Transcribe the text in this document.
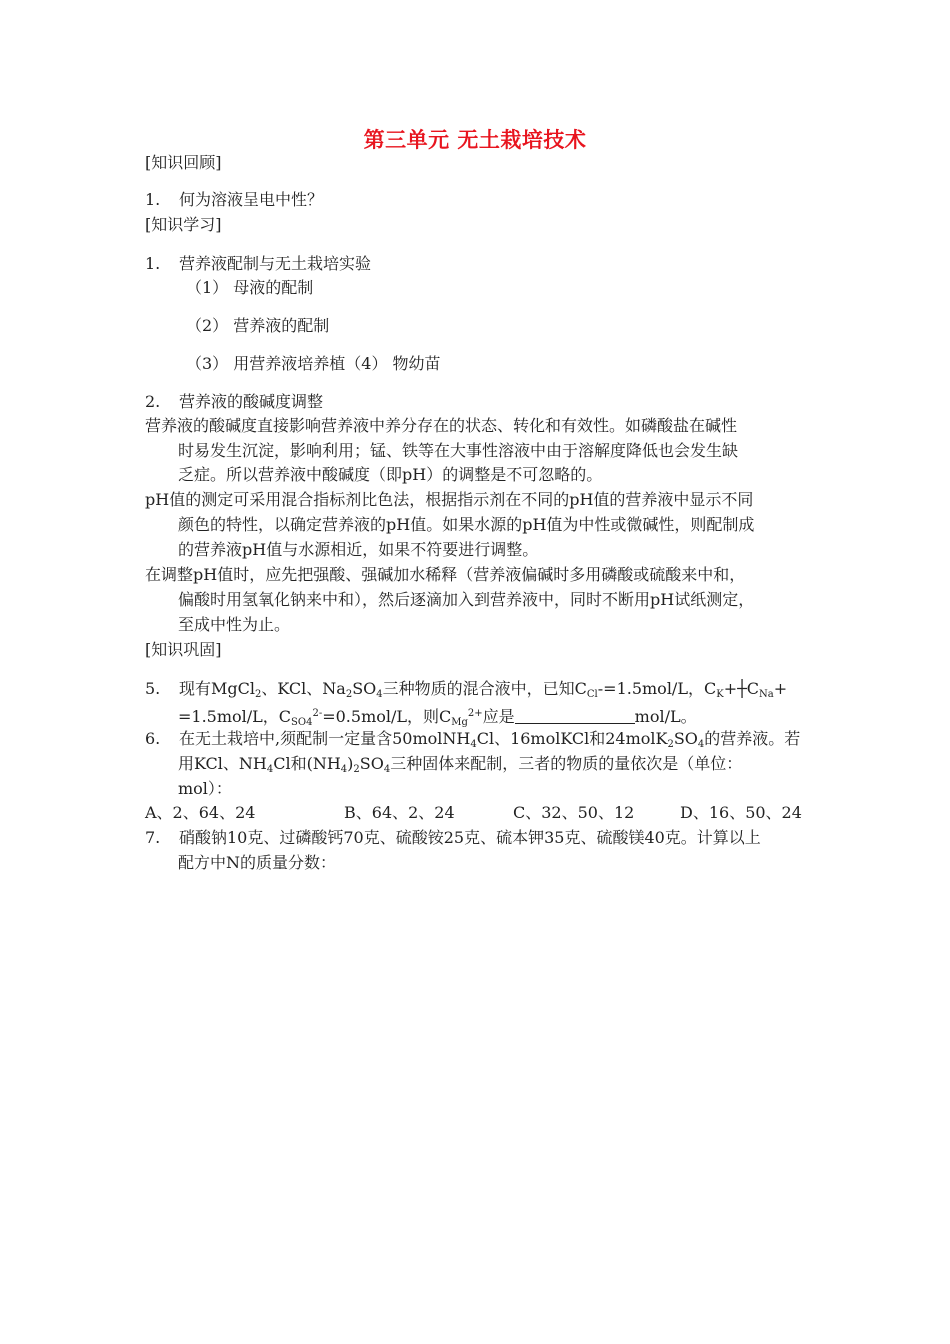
第三单元 无土栽培技术
[知识回顾]
1. 何为溶液呈电中性？
[知识学习]
1. 营养液配制与无土栽培实验
（1） 母液的配制
（2） 营养液的配制
（3） 用营养液培养植（4） 物幼苗
2. 营养液的酸碱度调整
营养液的酸碱度直接影响营养液中养分存在的状态、转化和有效性。如磷酸盐在碱性
时易发生沉淀，影响利用；锰、铁等在大事性溶液中由于溶解度降低也会发生缺
乏症。所以营养液中酸碱度（即pH）的调整是不可忽略的。
pH值的测定可采用混合指标剂比色法，根据指示剂在不同的pH值的营养液中显示不同
颜色的特性，以确定营养液的pH值。如果水源的pH值为中性或微碱性，则配制成
的营养液pH值与水源相近，如果不符要进行调整。
在调整pH值时，应先把强酸、强碱加水稀释（营养液偏碱时多用磷酸或硫酸来中和，
偏酸时用氢氧化钠来中和），然后逐滴加入到营养液中，同时不断用pH试纸测定，
至成中性为止。
[知识巩固]
5. 现有MgCl$_2$、KCl、$Na_2SO_4$三种物质的混合液中，已知$C_{Cl}-=1.5mol/L$，$C_K+┼C_{Na}+$
=1.5mol/L，$C_{SO4}^{2-}=0.5mol/L$，则$C_{Mg}^{2+}$应是	mol/L。
6. 在无土栽培中,须配制一定量含50molNH$_4$Cl、16molKCl和$24molK_2SO_4$的营养液。若
用KCl、$NH_4Cl$和$(NH_4)_2SO_4$三种固体来配制，三者的物质的量依次是（单位：
mol）：
A、2、64、24	B、64、2、24	C、32、50、12	D、16、50、24
7. 硝酸钠10克、过磷酸钙70克、硫酸铵25克、硫本钾35克、硫酸镁40克。计算以上
配方中N的质量分数：
